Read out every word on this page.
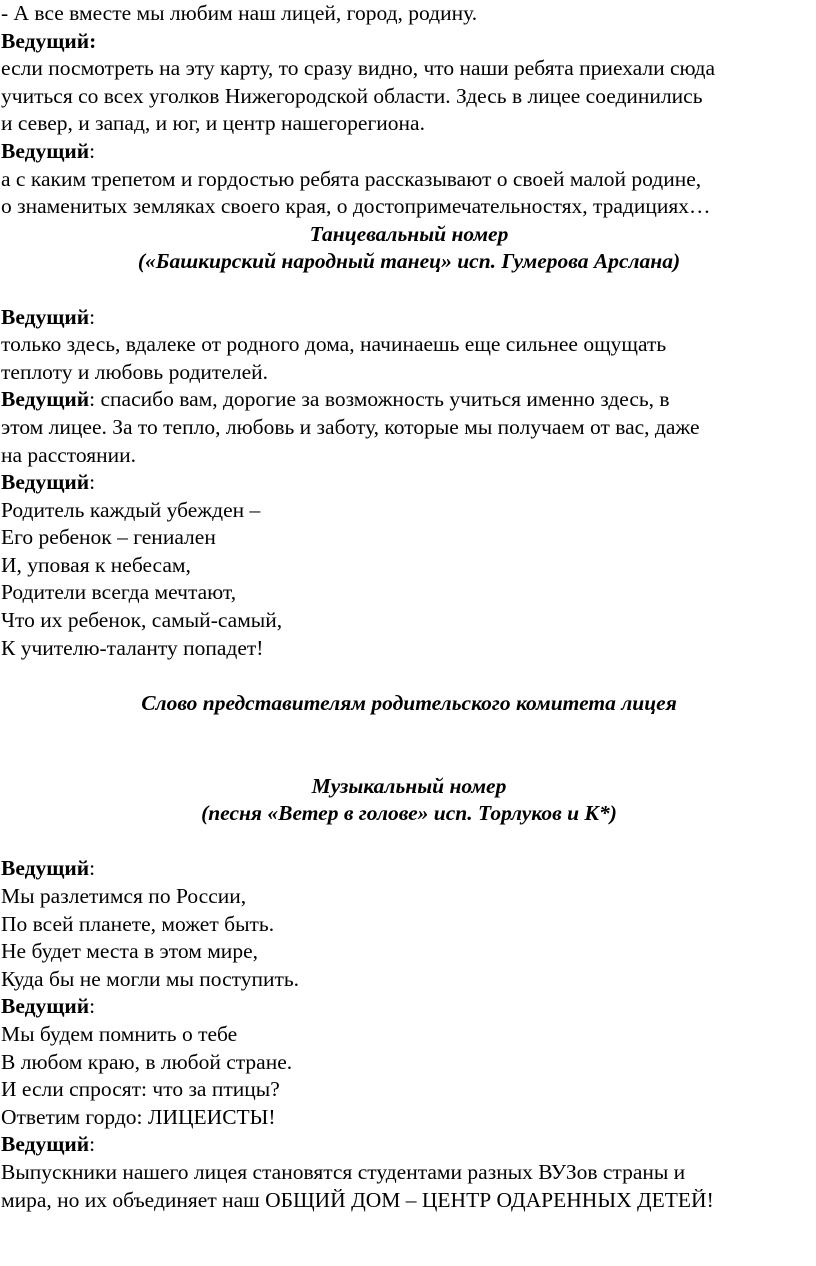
- А все вместе мы любим наш лицей, город, родину.

Ведущий:

если посмотреть на эту карту, то сразу видно, что наши ребята приехали сюда

учиться со всех уголков Нижегородской области. Здесь в лицее соединились

и север, и запад, и юг, и центр нашегорегиона.

Ведущий:

а с каким трепетом и гордостью ребята рассказывают о своей малой родине,

о знаменитых земляках своего края, о достопримечательностях, традициях…

Танцевальный номер

(«Башкирский народный танец» исп. Гумерова Арслана)

Ведущий:

только здесь, вдалеке от родного дома, начинаешь еще сильнее ощущать

теплоту и любовь родителей.

Ведущий: спасибо вам, дорогие за возможность учиться именно здесь, в

этом лицее. За то тепло, любовь и заботу, которые мы получаем от вас, даже

на расстоянии.

Ведущий:

Родитель каждый убежден –

Его ребенок – гениален

И, уповая к небесам,

Родители всегда мечтают,

Что их ребенок, самый-самый,

К учителю-таланту попадет!

Слово представителям родительского комитета лицея

Музыкальный номер

(песня «Ветер в голове» исп. Торлуков и К*)

Ведущий:

Мы разлетимся по России,

По всей планете, может быть.

Не будет места в этом мире,

Куда бы не могли мы поступить.

Ведущий:

Мы будем помнить о тебе

В любом краю, в любой стране.

И если спросят: что за птицы?

Ответим гордо: ЛИЦЕИСТЫ!

Ведущий:

Выпускники нашего лицея становятся студентами разных ВУЗов страны и

мира, но их объединяет наш ОБЩИЙ ДОМ – ЦЕНТР ОДАРЕННЫХ ДЕТЕЙ!
